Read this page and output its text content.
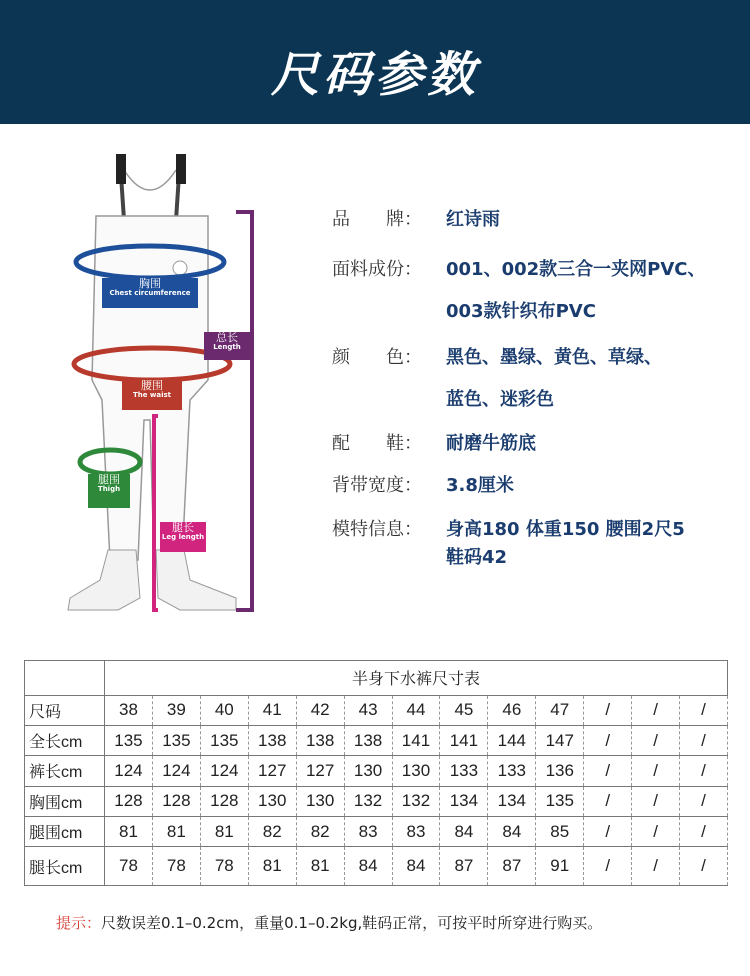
尺码参数
胸围
Chest circumference
总长
Length
腰围
The waist
腿围
Thigh
腿长
Leg length
品　　牌：	红诗雨
面料成份：	001、002款三合一夹网PVC、
003款针织布PVC
颜　　色：	黑色、墨绿、黄色、草绿、
蓝色、迷彩色
配　　鞋：	耐磨牛筋底
背带宽度：	3.8厘米
模特信息：	身高180 体重150 腰围2尺5
鞋码42
	半身下水裤尺寸表												
尺码	38	39	40	41	42	43	44	45	46	47	/	/	/
全长cm	135	135	135	138	138	138	141	141	144	147	/	/	/
裤长cm	124	124	124	127	127	130	130	133	133	136	/	/	/
胸围cm	128	128	128	130	130	132	132	134	134	135	/	/	/
腿围cm	81	81	81	82	82	83	83	84	84	85	/	/	/
腿长cm	78	78	78	81	81	84	84	87	87	91	/	/	/
提示：尺数误差0.1–0.2cm，重量0.1–0.2kg,鞋码正常，可按平时所穿进行购买。
